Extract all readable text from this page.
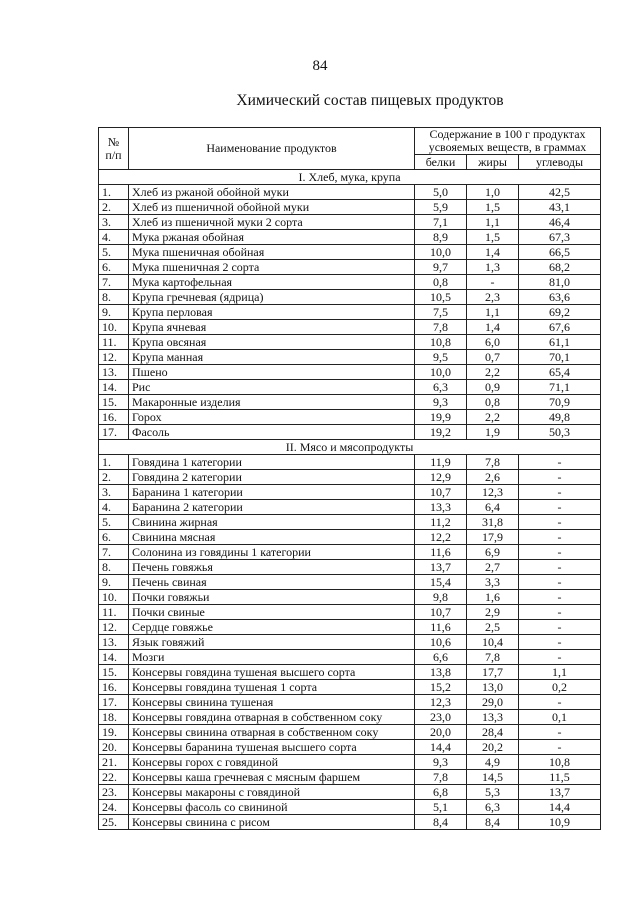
84
Химический состав пищевых продуктов
№ п/п	Наименование продуктов	Содержание в 100 г продуктах усвояемых веществ, в граммах		
		белки	жиры	углеводы
I. Хлеб, мука, крупа				
1.	Хлеб из ржаной обойной муки	5,0	1,0	42,5
2.	Хлеб из пшеничной обойной муки	5,9	1,5	43,1
3.	Хлеб из пшеничной муки 2 сорта	7,1	1,1	46,4
4.	Мука ржаная обойная	8,9	1,5	67,3
5.	Мука пшеничная обойная	10,0	1,4	66,5
6.	Мука пшеничная 2 сорта	9,7	1,3	68,2
7.	Мука картофельная	0,8	-	81,0
8.	Крупа гречневая (ядрица)	10,5	2,3	63,6
9.	Крупа перловая	7,5	1,1	69,2
10.	Крупа ячневая	7,8	1,4	67,6
11.	Крупа овсяная	10,8	6,0	61,1
12.	Крупа манная	9,5	0,7	70,1
13.	Пшено	10,0	2,2	65,4
14.	Рис	6,3	0,9	71,1
15.	Макаронные изделия	9,3	0,8	70,9
16.	Горох	19,9	2,2	49,8
17.	Фасоль	19,2	1,9	50,3
II. Мясо и мясопродукты				
1.	Говядина 1 категории	11,9	7,8	-
2.	Говядина 2 категории	12,9	2,6	-
3.	Баранина 1 категории	10,7	12,3	-
4.	Баранина 2 категории	13,3	6,4	-
5.	Свинина жирная	11,2	31,8	-
6.	Свинина мясная	12,2	17,9	-
7.	Солонина из говядины 1 категории	11,6	6,9	-
8.	Печень говяжья	13,7	2,7	-
9.	Печень свиная	15,4	3,3	-
10.	Почки говяжьи	9,8	1,6	-
11.	Почки свиные	10,7	2,9	-
12.	Сердце говяжье	11,6	2,5	-
13.	Язык говяжий	10,6	10,4	-
14.	Мозги	6,6	7,8	-
15.	Консервы говядина тушеная высшего сорта	13,8	17,7	1,1
16.	Консервы говядина тушеная 1 сорта	15,2	13,0	0,2
17.	Консервы свинина тушеная	12,3	29,0	-
18.	Консервы говядина отварная в собственном соку	23,0	13,3	0,1
19.	Консервы свинина отварная в собственном соку	20,0	28,4	-
20.	Консервы баранина тушеная высшего сорта	14,4	20,2	-
21.	Консервы горох с говядиной	9,3	4,9	10,8
22.	Консервы каша гречневая с мясным фаршем	7,8	14,5	11,5
23.	Консервы макароны с говядиной	6,8	5,3	13,7
24.	Консервы фасоль со свининой	5,1	6,3	14,4
25.	Консервы свинина с рисом	8,4	8,4	10,9
